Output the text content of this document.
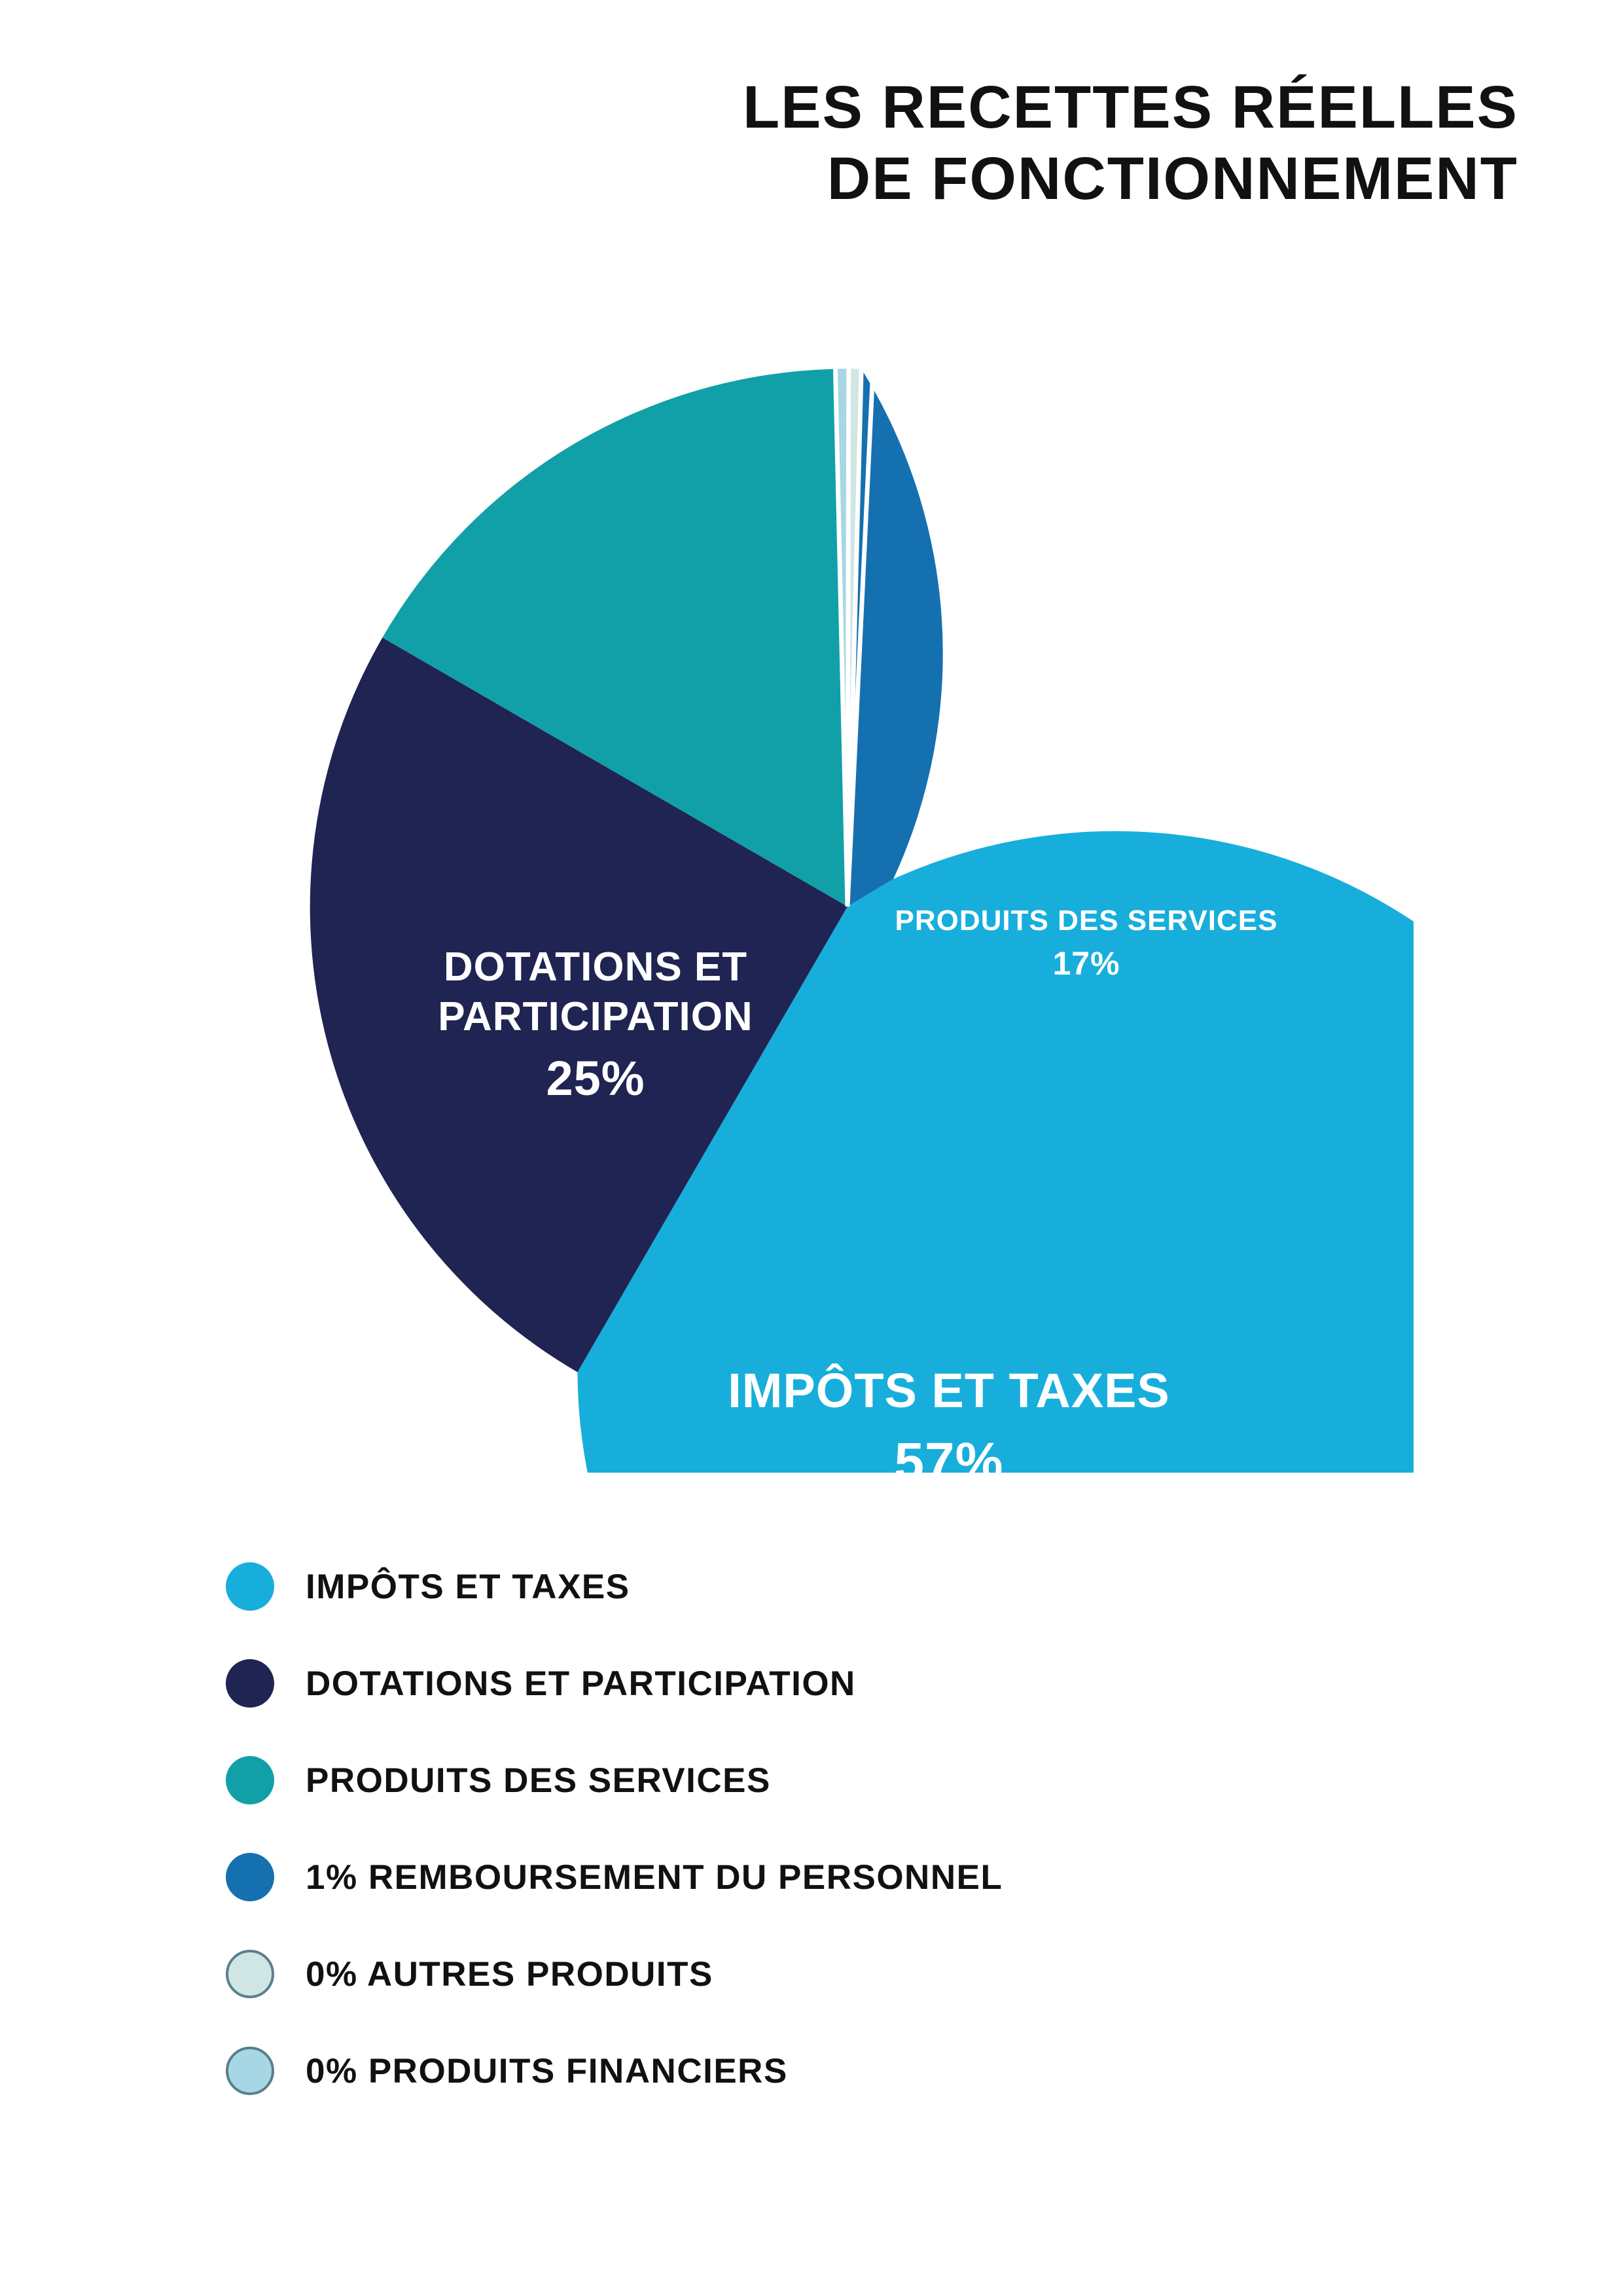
LES RECETTES RÉELLES
DE FONCTIONNEMENT
IMPÔTS ET TAXES
57%
DOTATIONS ET
PARTICIPATION
25%
PRODUITS DES SERVICES
17%
IMPÔTS ET TAXES
DOTATIONS ET PARTICIPATION
PRODUITS DES SERVICES
1% REMBOURSEMENT DU PERSONNEL
0% AUTRES PRODUITS
0% PRODUITS FINANCIERS
